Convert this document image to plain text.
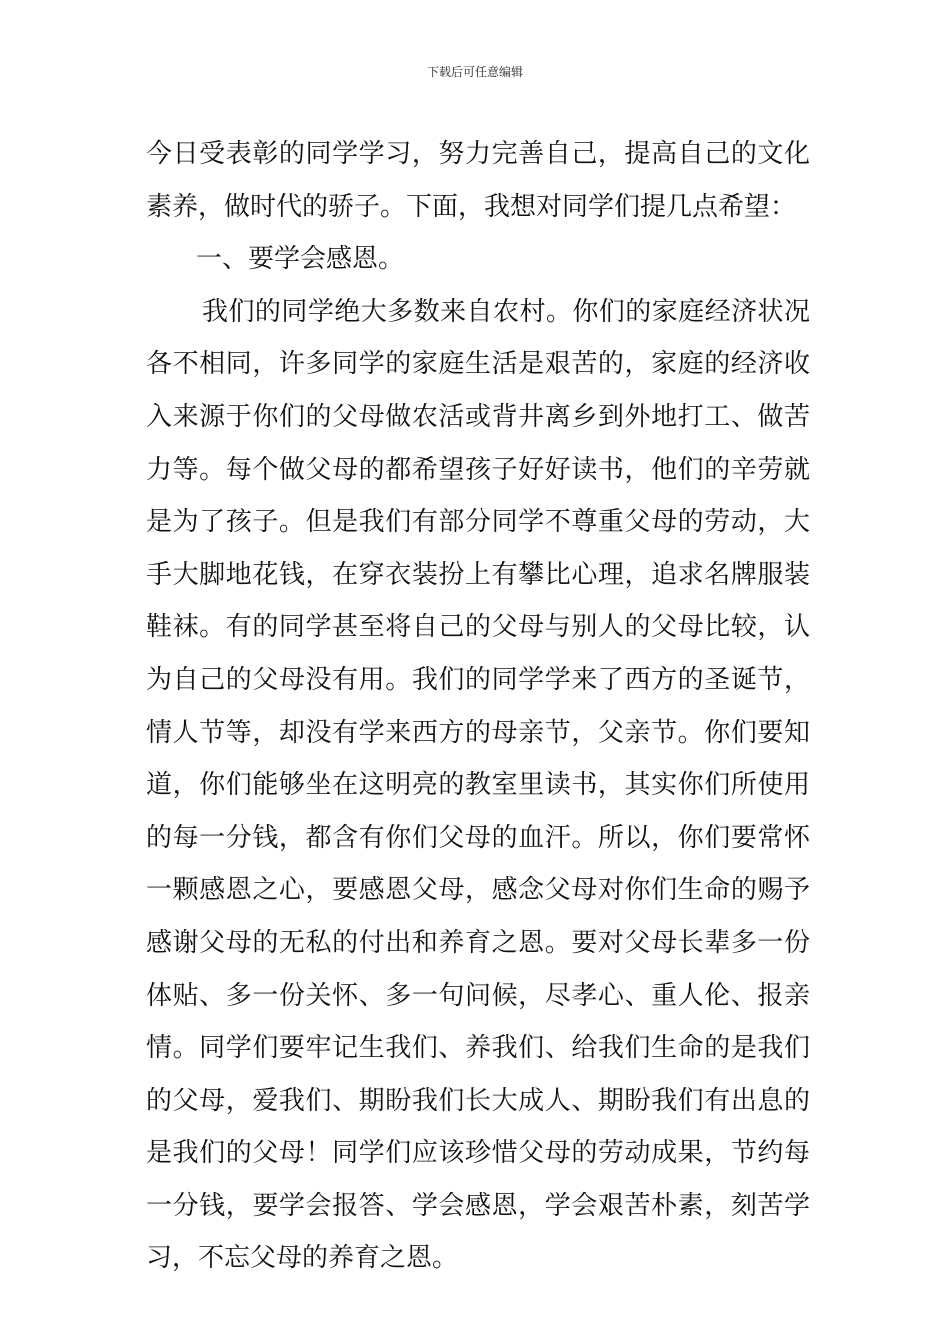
下载后可任意编辑
今日受表彰的同学学习，努力完善自己，提高自己的文化
素养，做时代的骄子。下面，我想对同学们提几点希望：
一、要学会感恩。
我们的同学绝大多数来自农村。你们的家庭经济状况
各不相同，许多同学的家庭生活是艰苦的，家庭的经济收
入来源于你们的父母做农活或背井离乡到外地打工、做苦
力等。每个做父母的都希望孩子好好读书，他们的辛劳就
是为了孩子。但是我们有部分同学不尊重父母的劳动，大
手大脚地花钱，在穿衣装扮上有攀比心理，追求名牌服装
鞋袜。有的同学甚至将自己的父母与别人的父母比较，认
为自己的父母没有用。我们的同学学来了西方的圣诞节，
情人节等，却没有学来西方的母亲节，父亲节。你们要知
道，你们能够坐在这明亮的教室里读书，其实你们所使用
的每一分钱，都含有你们父母的血汗。所以，你们要常怀
一颗感恩之心，要感恩父母，感念父母对你们生命的赐予
感谢父母的无私的付出和养育之恩。要对父母长辈多一份
体贴、多一份关怀、多一句问候，尽孝心、重人伦、报亲
情。同学们要牢记生我们、养我们、给我们生命的是我们
的父母，爱我们、期盼我们长大成人、期盼我们有出息的
是我们的父母！同学们应该珍惜父母的劳动成果，节约每
一分钱，要学会报答、学会感恩，学会艰苦朴素，刻苦学
习，不忘父母的养育之恩。
